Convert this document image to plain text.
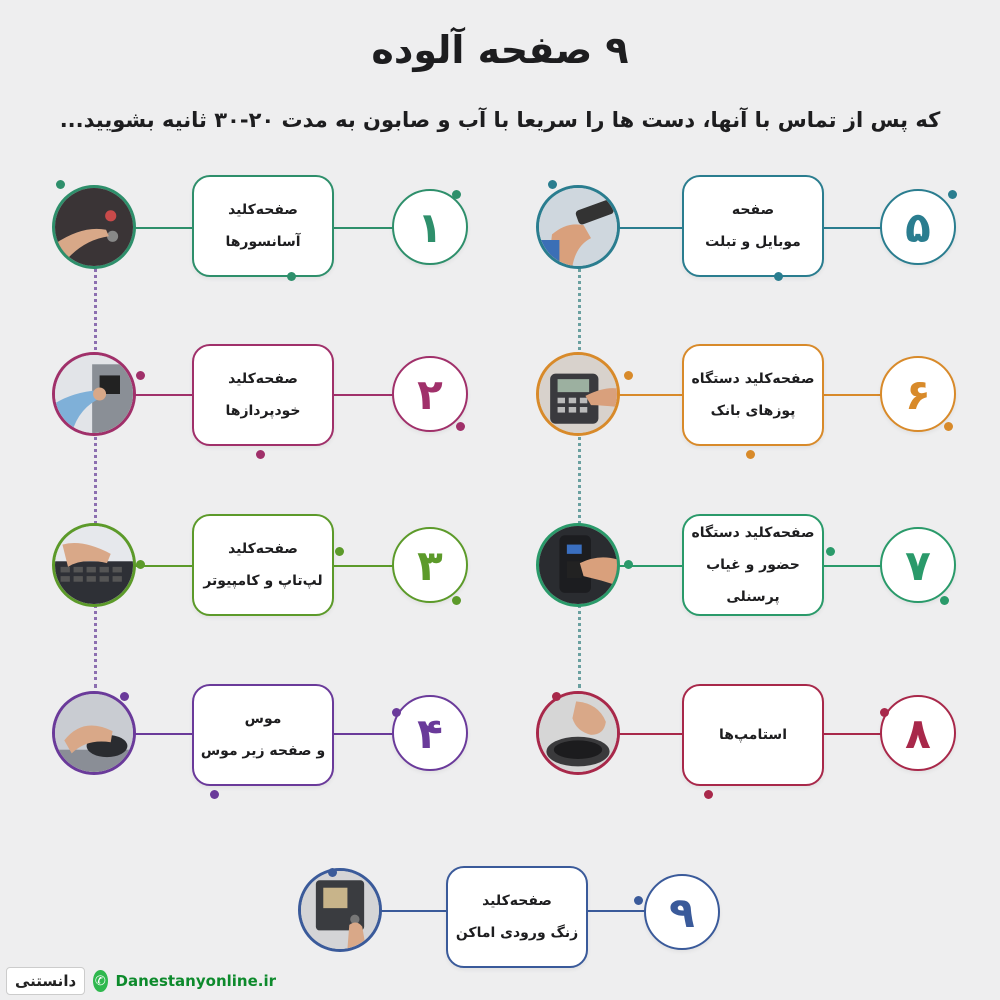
۹ صفحه آلوده
که پس از تماس با آنها، دست ها را سریعا با آب و صابون به مدت ۲۰-۳۰ ثانیه بشویید...
صفحه‌کلید
آسانسورها	۱	صفحه
موبایل و تبلت	۵
صفحه‌کلید
خودپردازها	۲	صفحه‌کلید دستگاه
پوزهای بانک	۶
صفحه‌کلید
لپ‌تاپ و کامپیوتر	۳
صفحه‌کلید دستگاه
حضور و غیاب پرسنلی
۷
موس
و صفحه زیر موس	۴	استامپ‌ها	۸
صفحه‌کلید
زنگ ورودی اماکن	۹
دانستنی	✆ Danestanyonline.ir
